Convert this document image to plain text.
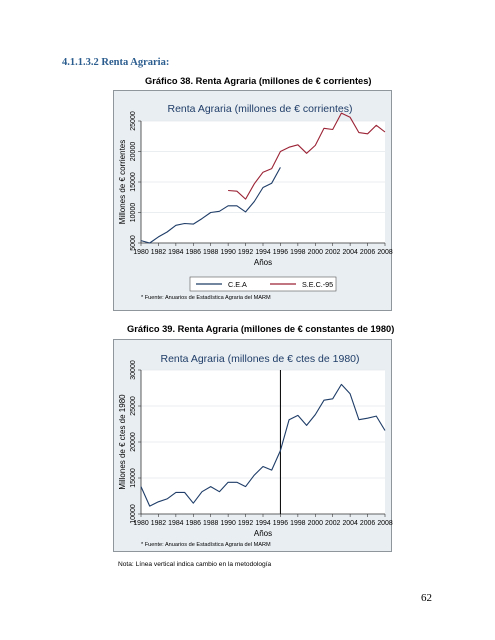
4.1.1.3.2 Renta Agraria:
Gráfico 38. Renta Agraria (millones de € corrientes)
5000
10000
15000
20000
25000
1980 1982 1984 1986 1988 1990 1992 1994 1996 1998 2000 2002 2004 2006 2008
Renta Agraria (millones de € corrientes)
Años
Millones de € corrientes
C.E.A	S.E.C.-95
* Fuente: Anuarios de Estadística Agraria del MARM
Gráfico 39. Renta Agraria (millones de € constantes de 1980)
10000
15000
20000
25000
30000
1980 1982 1984 1986 1988 1990 1992 1994 1996 1998 2000 2002 2004 2006 2008
Renta Agraria (millones de € ctes de 1980)
Años
Millones de € ctes de 1980
* Fuente: Anuarios de Estadística Agraria del MARM
Nota: Línea vertical indica cambio en la metodología
62
